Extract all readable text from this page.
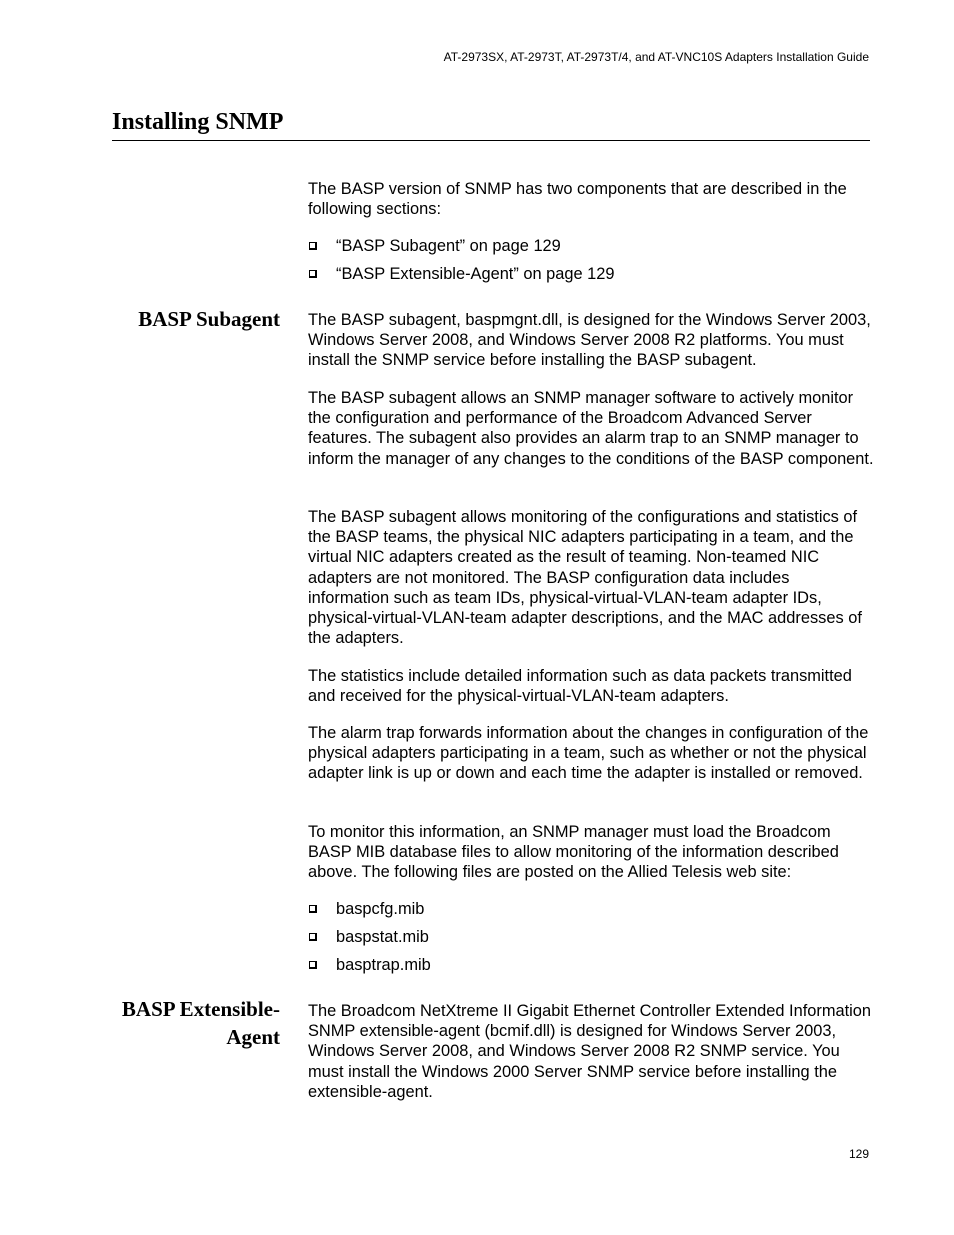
AT-2973SX, AT-2973T, AT-2973T/4, and AT-VNC10S Adapters Installation Guide
Installing SNMP

The BASP version of SNMP has two components that are described in the following sections:

“BASP Subagent” on page 129
“BASP Extensible-Agent” on page 129
BASP Subagent The BASP subagent, baspmgnt.dll, is designed for the Windows Server 2003, Windows Server 2008, and Windows Server 2008 R2 platforms. You must install the SNMP service before installing the BASP subagent.

The BASP subagent allows an SNMP manager software to actively monitor the configuration and performance of the Broadcom Advanced Server features. The subagent also provides an alarm trap to an SNMP manager to inform the manager of any changes to the conditions of the BASP component.

The BASP subagent allows monitoring of the configurations and statistics of the BASP teams, the physical NIC adapters participating in a team, and the virtual NIC adapters created as the result of teaming. Non-teamed NIC adapters are not monitored. The BASP configuration data includes information such as team IDs, physical-virtual-VLAN-team adapter IDs, physical-virtual-VLAN-team adapter descriptions, and the MAC addresses of the adapters.

The statistics include detailed information such as data packets transmitted and received for the physical-virtual-VLAN-team adapters.

The alarm trap forwards information about the changes in configuration of the physical adapters participating in a team, such as whether or not the physical adapter link is up or down and each time the adapter is installed or removed.

To monitor this information, an SNMP manager must load the Broadcom BASP MIB database files to allow monitoring of the information described above. The following files are posted on the Allied Telesis web site:

baspcfg.mib
baspstat.mib
basptrap.mib
BASP Extensible-
Agent

The Broadcom NetXtreme II Gigabit Ethernet Controller Extended Information SNMP extensible-agent (bcmif.dll) is designed for Windows Server 2003, Windows Server 2008, and Windows Server 2008 R2 SNMP service. You must install the Windows 2000 Server SNMP service before installing the extensible-agent.

129
